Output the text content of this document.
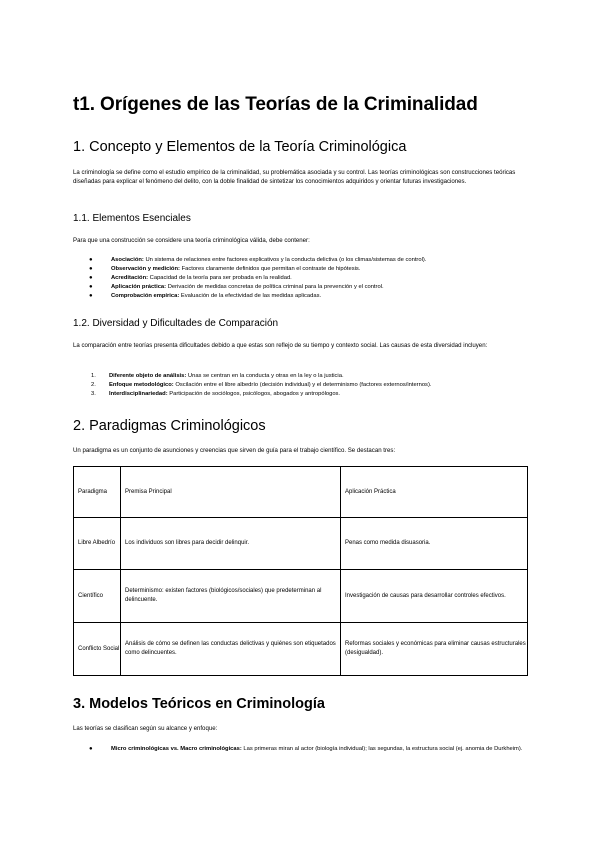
t1. Orígenes de las Teorías de la Criminalidad
1. Concepto y Elementos de la Teoría Criminológica
La criminología se define como el estudio empírico de la criminalidad, su problemática asociada y su control. Las teorías criminológicas son construcciones teóricas diseñadas para explicar el fenómeno del delito, con la doble finalidad de sintetizar los conocimientos adquiridos y orientar futuras investigaciones.
1.1. Elementos Esenciales
Para que una construcción se considere una teoría criminológica válida, debe contener:
●	Asociación: Un sistema de relaciones entre factores explicativos y la conducta delictiva (o los climas/sistemas de control).
●	Observación y medición: Factores claramente definidos que permitan el contraste de hipótesis.
●	Acreditación: Capacidad de la teoría para ser probada en la realidad.
●	Aplicación práctica: Derivación de medidas concretas de política criminal para la prevención y el control.
●	Comprobación empírica: Evaluación de la efectividad de las medidas aplicadas.
1.2. Diversidad y Dificultades de Comparación
La comparación entre teorías presenta dificultades debido a que estas son reflejo de su tiempo y contexto social. Las causas de esta diversidad incluyen:
1. Diferente objeto de análisis: Unas se centran en la conducta y otras en la ley o la justicia.
2. Enfoque metodológico: Oscilación entre el libre albedrío (decisión individual) y el determinismo (factores externos/internos).
3. Interdisciplinariedad: Participación de sociólogos, psicólogos, abogados y antropólogos.
2. Paradigmas Criminológicos
Un paradigma es un conjunto de asunciones y creencias que sirven de guía para el trabajo científico. Se destacan tres:
Paradigma	Premisa Principal	Aplicación Práctica
Libre Albedrío	Los individuos son libres para decidir delinquir.	Penas como medida disuasoria.
Científico	Determinismo: existen factores (biológicos/sociales) que predeterminan al delincuente.	Investigación de causas para desarrollar controles efectivos.
Conflicto Social	Análisis de cómo se definen las conductas delictivas y quiénes son etiquetados como delincuentes.	Reformas sociales y económicas para eliminar causas estructurales (desigualdad).
3. Modelos Teóricos en Criminología
Las teorías se clasifican según su alcance y enfoque:
●	Micro criminológicas vs. Macro criminológicas: Las primeras miran al actor (biología individual); las segundas, la estructura social (ej. anomia de Durkheim).
